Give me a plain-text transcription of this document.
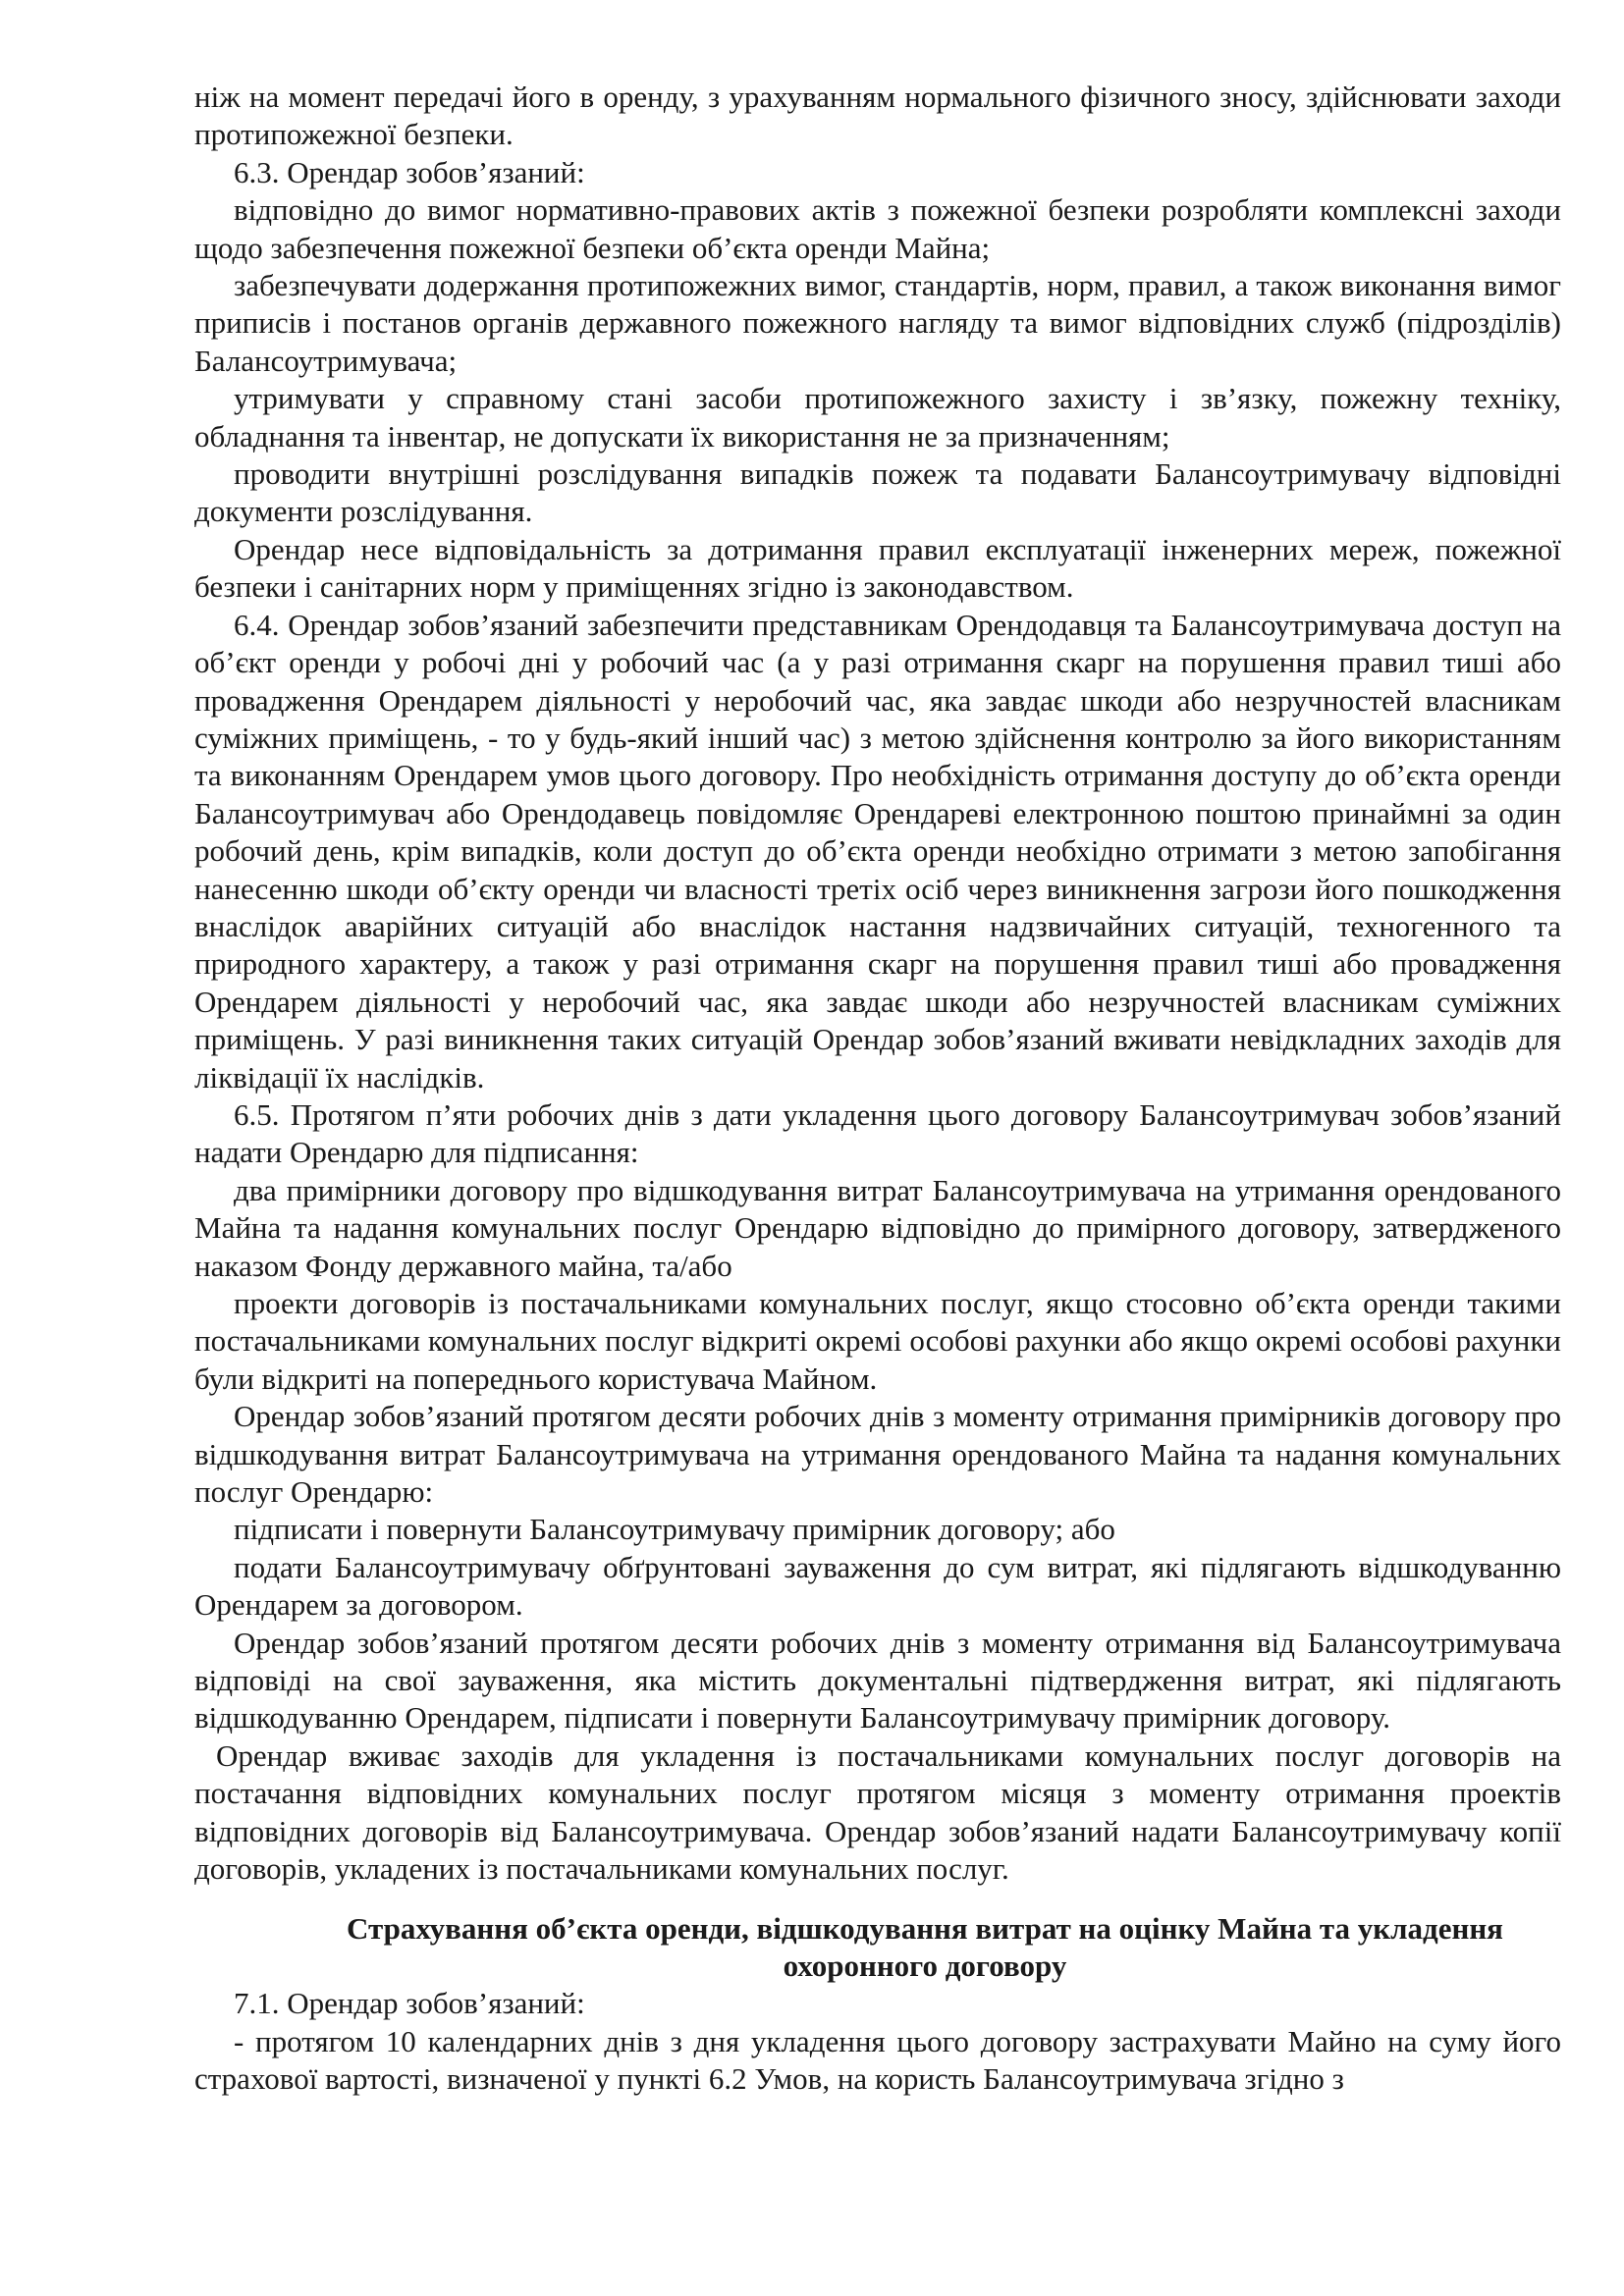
ніж на момент передачі його в оренду, з урахуванням нормального фізичного зносу, здійснювати заходи протипожежної безпеки.

6.3. Орендар зобов’язаний:

відповідно до вимог нормативно-правових актів з пожежної безпеки розробляти комплексні заходи щодо забезпечення пожежної безпеки об’єкта оренди Майна;

забезпечувати додержання протипожежних вимог, стандартів, норм, правил, а також виконання вимог приписів і постанов органів державного пожежного нагляду та вимог відповідних служб (підрозділів) Балансоутримувача;

утримувати у справному стані засоби протипожежного захисту і зв’язку, пожежну техніку, обладнання та інвентар, не допускати їх використання не за призначенням;

проводити внутрішні розслідування випадків пожеж та подавати Балансоутримувачу відповідні документи розслідування.

Орендар несе відповідальність за дотримання правил експлуатації інженерних мереж, пожежної безпеки і санітарних норм у приміщеннях згідно із законодавством.

6.4. Орендар зобов’язаний забезпечити представникам Орендодавця та Балансоутримувача доступ на об’єкт оренди у робочі дні у робочий час (а у разі отримання скарг на порушення правил тиші або провадження Орендарем діяльності у неробочий час, яка завдає шкоди або незручностей власникам суміжних приміщень, - то у будь-який інший час) з метою здійснення контролю за його використанням та виконанням Орендарем умов цього договору. Про необхідність отримання доступу до об’єкта оренди Балансоутримувач або Орендодавець повідомляє Орендареві електронною поштою принаймні за один робочий день, крім випадків, коли доступ до об’єкта оренди необхідно отримати з метою запобігання нанесенню шкоди об’єкту оренди чи власності третіх осіб через виникнення загрози його пошкодження внаслідок аварійних ситуацій або внаслідок настання надзвичайних ситуацій, техногенного та природного характеру, а також у разі отримання скарг на порушення правил тиші або провадження Орендарем діяльності у неробочий час, яка завдає шкоди або незручностей власникам суміжних приміщень. У разі виникнення таких ситуацій Орендар зобов’язаний вживати невідкладних заходів для ліквідації їх наслідків.

6.5. Протягом п’яти робочих днів з дати укладення цього договору Балансоутримувач зобов’язаний надати Орендарю для підписання:

два примірники договору про відшкодування витрат Балансоутримувача на утримання орендованого Майна та надання комунальних послуг Орендарю відповідно до примірного договору, затвердженого наказом Фонду державного майна, та/або

проекти договорів із постачальниками комунальних послуг, якщо стосовно об’єкта оренди такими постачальниками комунальних послуг відкриті окремі особові рахунки або якщо окремі особові рахунки були відкриті на попереднього користувача Майном.

Орендар зобов’язаний протягом десяти робочих днів з моменту отримання примірників договору про відшкодування витрат Балансоутримувача на утримання орендованого Майна та надання комунальних послуг Орендарю:

підписати і повернути Балансоутримувачу примірник договору; або

подати Балансоутримувачу обґрунтовані зауваження до сум витрат, які підлягають відшкодуванню Орендарем за договором.

Орендар зобов’язаний протягом десяти робочих днів з моменту отримання від Балансоутримувача відповіді на свої зауваження, яка містить документальні підтвердження витрат, які підлягають відшкодуванню Орендарем, підписати і повернути Балансоутримувачу примірник договору.

Орендар вживає заходів для укладення із постачальниками комунальних послуг договорів на постачання відповідних комунальних послуг протягом місяця з моменту отримання проектів відповідних договорів від Балансоутримувача. Орендар зобов’язаний надати Балансоутримувачу копії договорів, укладених із постачальниками комунальних послуг.

Страхування об’єкта оренди, відшкодування витрат на оцінку Майна та укладення охоронного договору

7.1. Орендар зобов’язаний:

- протягом 10 календарних днів з дня укладення цього договору застрахувати Майно на суму його страхової вартості, визначеної у пункті 6.2 Умов, на користь Балансоутримувача згідно з
